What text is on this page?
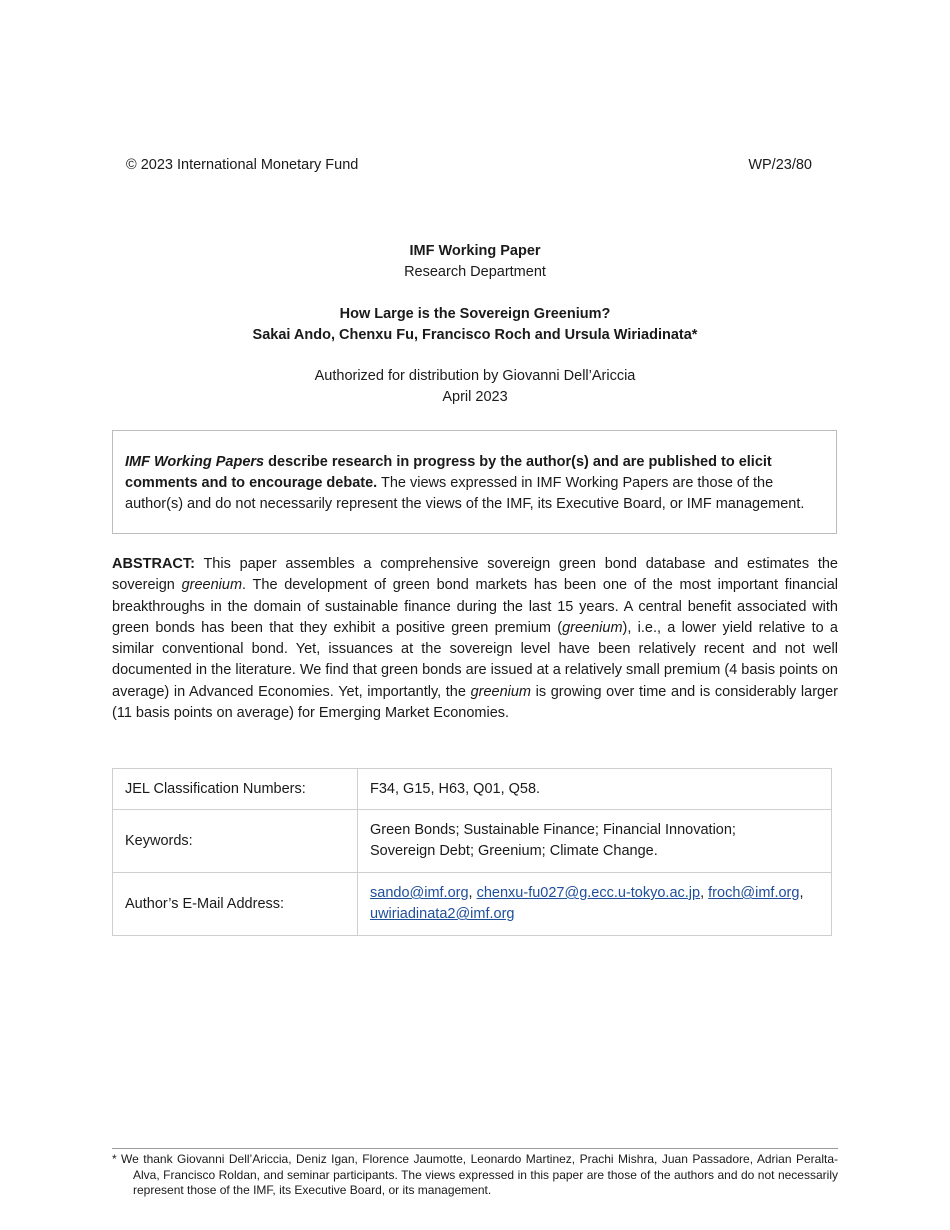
© 2023 International Monetary Fund	WP/23/80
IMF Working Paper
Research Department
How Large is the Sovereign Greenium?
Sakai Ando, Chenxu Fu, Francisco Roch and Ursula Wiriadinata*
Authorized for distribution by Giovanni Dell’Ariccia
April 2023
IMF Working Papers describe research in progress by the author(s) and are published to elicit comments and to encourage debate. The views expressed in IMF Working Papers are those of the author(s) and do not necessarily represent the views of the IMF, its Executive Board, or IMF management.
ABSTRACT: This paper assembles a comprehensive sovereign green bond database and estimates the sovereign greenium. The development of green bond markets has been one of the most important financial breakthroughs in the domain of sustainable finance during the last 15 years. A central benefit associated with green bonds has been that they exhibit a positive green premium (greenium), i.e., a lower yield relative to a similar conventional bond. Yet, issuances at the sovereign level have been relatively recent and not well documented in the literature. We find that green bonds are issued at a relatively small premium (4 basis points on average) in Advanced Economies. Yet, importantly, the greenium is growing over time and is considerably larger (11 basis points on average) for Emerging Market Economies.
JEL Classification Numbers:	F34, G15, H63, Q01, Q58.
Keywords:	Green Bonds; Sustainable Finance; Financial Innovation;
Sovereign Debt; Greenium; Climate Change.

Author’s E-Mail Address:	sando@imf.org, chenxu-fu027@g.ecc.u-tokyo.ac.jp, froch@imf.org,
uwiriadinata2@imf.org
* We thank Giovanni Dell’Ariccia, Deniz Igan, Florence Jaumotte, Leonardo Martinez, Prachi Mishra, Juan Passadore, Adrian Peralta-Alva, Francisco Roldan, and seminar participants. The views expressed in this paper are those of the authors and do not necessarily represent those of the IMF, its Executive Board, or its management.
